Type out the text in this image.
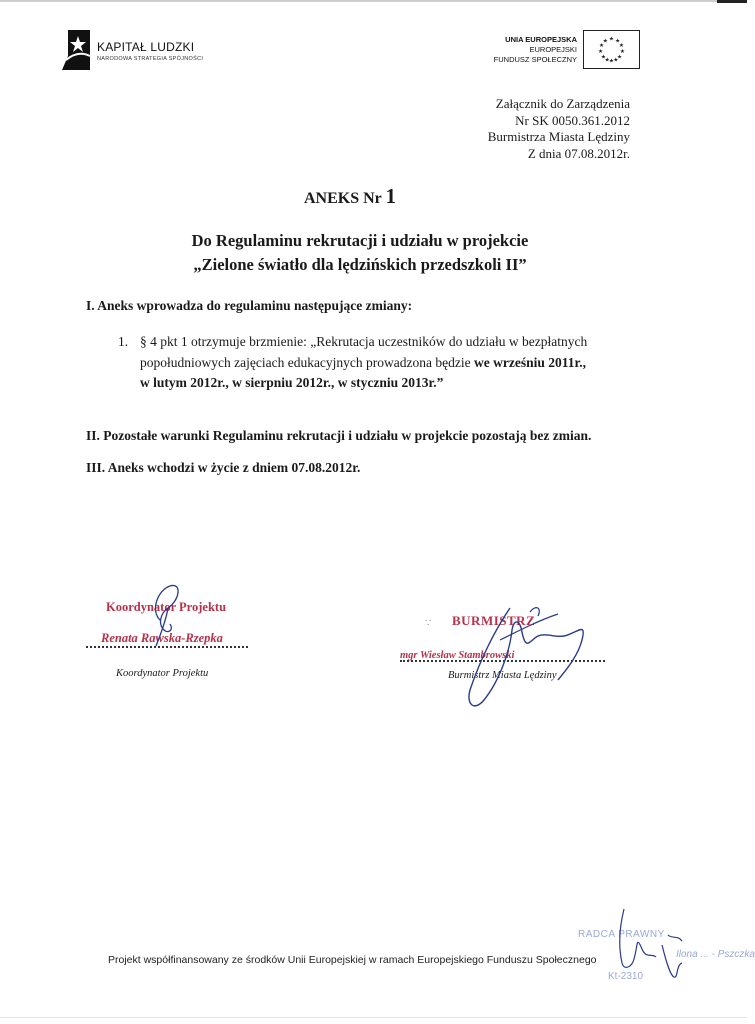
KAPITAŁ LUDZKI
NARODOWA STRATEGIA SPÓJNOŚCI
UNIA EUROPEJSKA
EUROPEJSKI
FUNDUSZ SPOŁECZNY
★ ★
★
★
★
★
★
★
★ ★
★ ★
Załącznik do Zarządzenia
Nr SK 0050.361.2012
Burmistrza Miasta Lędziny
Z dnia 07.08.2012r.
ANEKS Nr 1
Do Regulaminu rekrutacji i udziału w projekcie
„Zielone światło dla lędzińskich przedszkoli II”
I. Aneks wprowadza do regulaminu następujące zmiany:
1. § 4 pkt 1 otrzymuje brzmienie: „Rekrutacja uczestników do udziału w bezpłatnych
popołudniowych zajęciach edukacyjnych prowadzona będzie we wrześniu 2011r.,
w lutym 2012r., w sierpniu 2012r., w styczniu 2013r.”
II. Pozostałe warunki Regulaminu rekrutacji i udziału w projekcie pozostają bez zmian.
III. Aneks wchodzi w życie z dniem 07.08.2012r.
Koordynator Projektu
Renata Rawska-Rzepka
Koordynator Projektu
∵ BURMISTRZ
mgr Wiesław Stambrowski
Burmistrz Miasta Lędziny
Projekt współfinansowany ze środków Unii Europejskiej w ramach Europejskiego Funduszu Społecznego
RADCA PRAWNY
Ilona ... - Pszczka
Kt-2310
